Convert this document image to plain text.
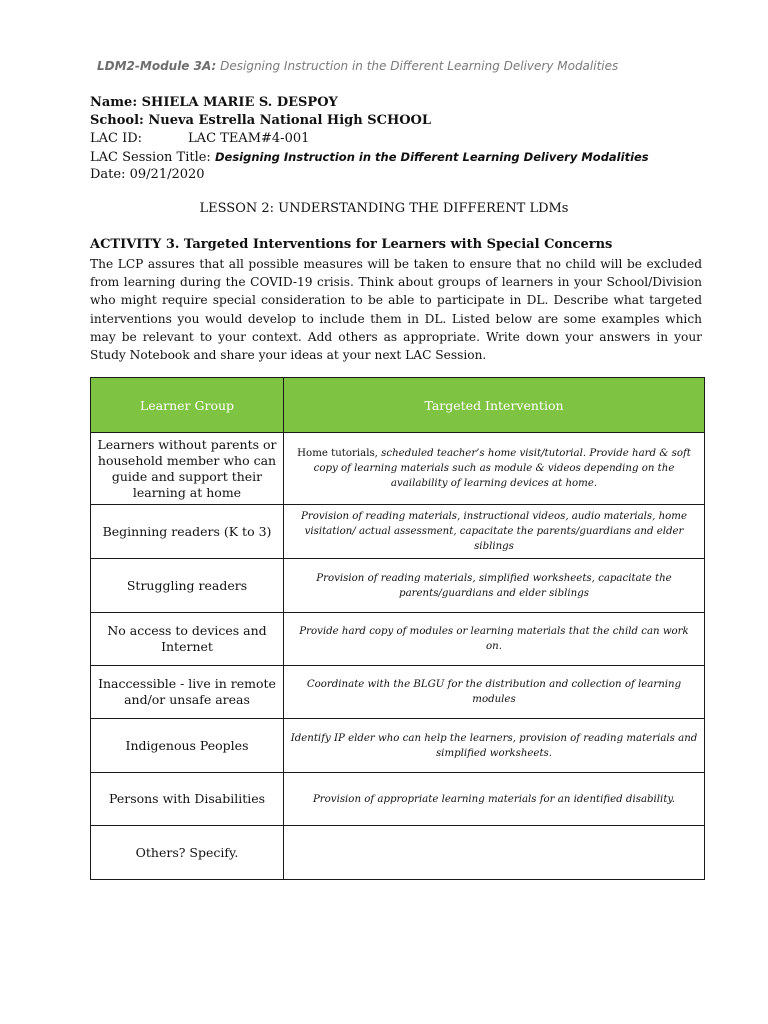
LDM2-Module 3A: Designing Instruction in the Different Learning Delivery Modalities
Name: SHIELA MARIE S. DESPOY
School: Nueva Estrella National High SCHOOL
LAC ID:	LAC TEAM#4-001
LAC Session Title: Designing Instruction in the Different Learning Delivery Modalities
Date: 09/21/2020
LESSON 2: UNDERSTANDING THE DIFFERENT LDMs
ACTIVITY 3. Targeted Interventions for Learners with Special Concerns
The LCP assures that all possible measures will be taken to ensure that no child will be excluded from learning during the COVID-19 crisis. Think about groups of learners in your School/Division who might require special consideration to be able to participate in DL. Describe what targeted interventions you would develop to include them in DL. Listed below are some examples which may be relevant to your context. Add others as appropriate. Write down your answers in your Study Notebook and share your ideas at your next LAC Session.
Learner Group	Targeted Intervention
Learners without parents or household member who can guide and support their learning at home	Home tutorials, scheduled teacher’s home visit/tutorial. Provide hard & soft copy of learning materials such as module & videos depending on the availability of learning devices at home.
Beginning readers (K to 3)	Provision of reading materials, instructional videos, audio materials, home visitation/ actual assessment, capacitate the parents/guardians and elder siblings
Struggling readers	Provision of reading materials, simplified worksheets, capacitate the parents/guardians and elder siblings
No access to devices and Internet	Provide hard copy of modules or learning materials that the child can work on.
Inaccessible - live in remote and/or unsafe areas	Coordinate with the BLGU for the distribution and collection of learning modules
Indigenous Peoples	Identify IP elder who can help the learners, provision of reading materials and simplified worksheets.
Persons with Disabilities	Provision of appropriate learning materials for an identified disability.
Others? Specify.	
